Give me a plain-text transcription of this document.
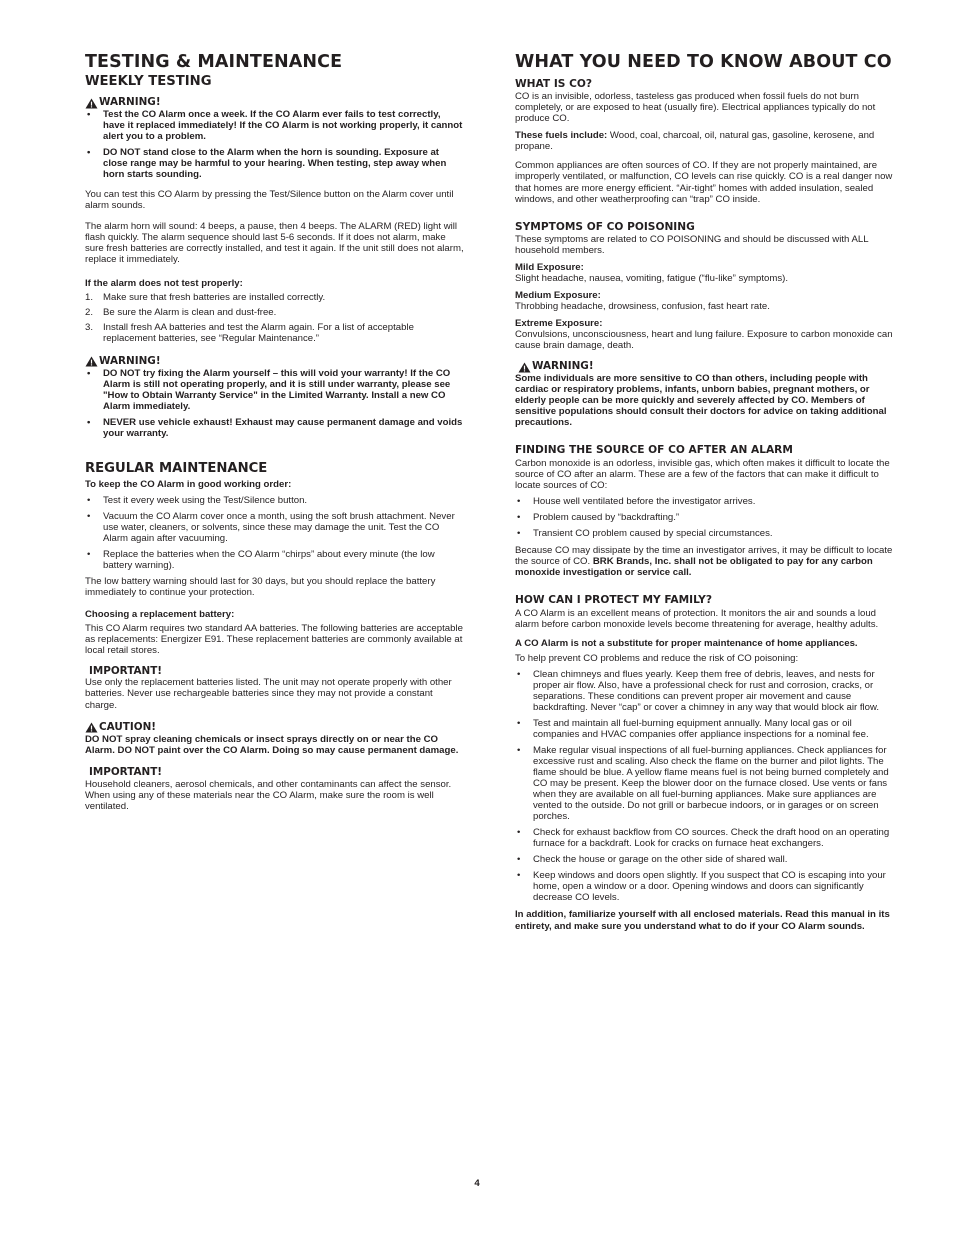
TESTING & MAINTENANCE
WEEKLY TESTING

WARNING!

• Test the CO Alarm once a week. If the CO Alarm ever fails to test correctly, have it replaced immediately! If the CO Alarm is not working properly, it cannot alert you to a problem.
• DO NOT stand close to the Alarm when the horn is sounding. Exposure at close range may be harmful to your hearing. When testing, step away when horn starts sounding.

You can test this CO Alarm by pressing the Test/Silence button on the Alarm cover until alarm sounds.

The alarm horn will sound: 4 beeps, a pause, then 4 beeps. The ALARM (RED) light will flash quickly. The alarm sequence should last 5-6 seconds. If it does not alarm, make sure fresh batteries are correctly installed, and test it again. If the unit still does not alarm, replace it immediately.

If the alarm does not test properly:

1. Make sure that fresh batteries are installed correctly.
2. Be sure the Alarm is clean and dust-free.
3. Install fresh AA batteries and test the Alarm again. For a list of acceptable replacement batteries, see “Regular Maintenance.”

WARNING!

• DO NOT try fixing the Alarm yourself – this will void your warranty! If the CO Alarm is still not operating properly, and it is still under warranty, please see "How to Obtain Warranty Service" in the Limited Warranty. Install a new CO Alarm immediately.
• NEVER use vehicle exhaust! Exhaust may cause permanent damage and voids your warranty.
REGULAR MAINTENANCE

To keep the CO Alarm in good working order:

• Test it every week using the Test/Silence button.
• Vacuum the CO Alarm cover once a month, using the soft brush attachment. Never use water, cleaners, or solvents, since these may damage the unit. Test the CO Alarm again after vacuuming.
• Replace the batteries when the CO Alarm “chirps” about every minute (the low battery warning).

The low battery warning should last for 30 days, but you should replace the battery immediately to continue your protection.

Choosing a replacement battery:

This CO Alarm requires two standard AA batteries. The following batteries are acceptable as replacements: Energizer E91. These replacement batteries are commonly available at local retail stores.

IMPORTANT!

Use only the replacement batteries listed. The unit may not operate properly with other batteries. Never use rechargeable batteries since they may not provide a constant charge.

CAUTION!

DO NOT spray cleaning chemicals or insect sprays directly on or near the CO Alarm. DO NOT paint over the CO Alarm. Doing so may cause permanent damage.

IMPORTANT!

Household cleaners, aerosol chemicals, and other contaminants can affect the sensor. When using any of these materials near the CO Alarm, make sure the room is well ventilated.

WHAT YOU NEED TO KNOW ABOUT CO
WHAT IS CO?

CO is an invisible, odorless, tasteless gas produced when fossil fuels do not burn completely, or are exposed to heat (usually fire). Electrical appliances typically do not produce CO.

These fuels include: Wood, coal, charcoal, oil, natural gas, gasoline, kerosene, and propane.

Common appliances are often sources of CO. If they are not properly maintained, are improperly ventilated, or malfunction, CO levels can rise quickly. CO is a real danger now that homes are more energy efficient. “Air-tight” homes with added insulation, sealed windows, and other weatherproofing can “trap” CO inside.

SYMPTOMS OF CO POISONING

These symptoms are related to CO POISONING and should be discussed with ALL household members.

Mild Exposure:

Slight headache, nausea, vomiting, fatigue (“flu-like” symptoms).

Medium Exposure:

Throbbing headache, drowsiness, confusion, fast heart rate.

Extreme Exposure:

Convulsions, unconsciousness, heart and lung failure. Exposure to carbon monoxide can cause brain damage, death.

WARNING!

Some individuals are more sensitive to CO than others, including people with cardiac or respiratory problems, infants, unborn babies, pregnant mothers, or elderly people can be more quickly and severely affected by CO. Members of sensitive populations should consult their doctors for advice on taking additional precautions.

FINDING THE SOURCE OF CO AFTER AN ALARM

Carbon monoxide is an odorless, invisible gas, which often makes it difficult to locate the source of CO after an alarm. These are a few of the factors that can make it difficult to locate sources of CO:

• House well ventilated before the investigator arrives.
• Problem caused by “backdrafting.”
• Transient CO problem caused by special circumstances.

Because CO may dissipate by the time an investigator arrives, it may be difficult to locate the source of CO. BRK Brands, Inc. shall not be obligated to pay for any carbon monoxide investigation or service call.

HOW CAN I PROTECT MY FAMILY?

A CO Alarm is an excellent means of protection. It monitors the air and sounds a loud alarm before carbon monoxide levels become threatening for average, healthy adults.

A CO Alarm is not a substitute for proper maintenance of home appliances.

To help prevent CO problems and reduce the risk of CO poisoning:

• Clean chimneys and flues yearly. Keep them free of debris, leaves, and nests for proper air flow. Also, have a professional check for rust and corrosion, cracks, or separations. These conditions can prevent proper air movement and cause backdrafting. Never “cap” or cover a chimney in any way that would block air flow.
• Test and maintain all fuel-burning equipment annually. Many local gas or oil companies and HVAC companies offer appliance inspections for a nominal fee.
• Make regular visual inspections of all fuel-burning appliances. Check appliances for excessive rust and scaling. Also check the flame on the burner and pilot lights. The flame should be blue. A yellow flame means fuel is not being burned completely and CO may be present. Keep the blower door on the furnace closed. Use vents or fans when they are available on all fuel-burning appliances. Make sure appliances are vented to the outside. Do not grill or barbecue indoors, or in garages or on screen porches.
• Check for exhaust backflow from CO sources. Check the draft hood on an operating furnace for a backdraft. Look for cracks on furnace heat exchangers.
• Check the house or garage on the other side of shared wall.
• Keep windows and doors open slightly. If you suspect that CO is escaping into your home, open a window or a door. Opening windows and doors can significantly decrease CO levels.

In addition, familiarize yourself with all enclosed materials. Read this manual in its entirety, and make sure you understand what to do if your CO Alarm sounds.

4
